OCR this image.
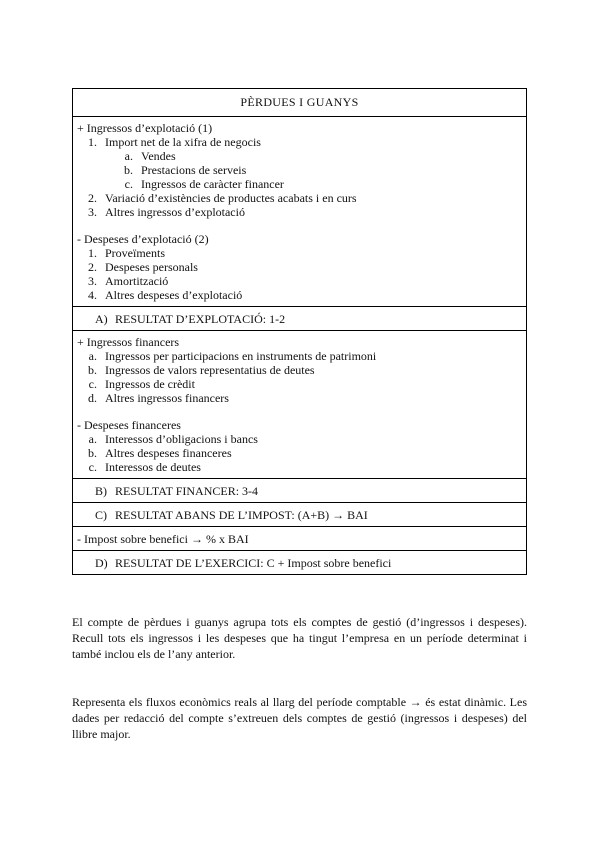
PÈRDUES I GUANYS
+ Ingressos d’explotació (1)
1. Import net de la xifra de negocis
a. Vendes
b. Prestacions de serveis
c. Ingressos de caràcter financer
2. Variació d’existències de productes acabats i en curs
3. Altres ingressos d’explotació
- Despeses d’explotació (2)
1. Proveïments
2. Despeses personals
3. Amortització
4. Altres despeses d’explotació
A) RESULTAT D’EXPLOTACIÓ: 1-2
+ Ingressos financers
a. Ingressos per participacions en instruments de patrimoni
b. Ingressos de valors representatius de deutes
c. Ingressos de crèdit
d. Altres ingressos financers
- Despeses financeres
a. Interessos d’obligacions i bancs
b. Altres despeses financeres
c. Interessos de deutes
B) RESULTAT FINANCER: 3-4
C) RESULTAT ABANS DE L’IMPOST: (A+B) → BAI
- Impost sobre benefici → % x BAI
D) RESULTAT DE L’EXERCICI: C + Impost sobre benefici
El compte de pèrdues i guanys agrupa tots els comptes de gestió (d’ingressos i despeses). Recull tots els ingressos i les despeses que ha tingut l’empresa en un període determinat i també inclou els de l’any anterior.
Representa els fluxos econòmics reals al llarg del període comptable → és estat dinàmic. Les dades per redacció del compte s’extreuen dels comptes de gestió (ingressos i despeses) del llibre major.
